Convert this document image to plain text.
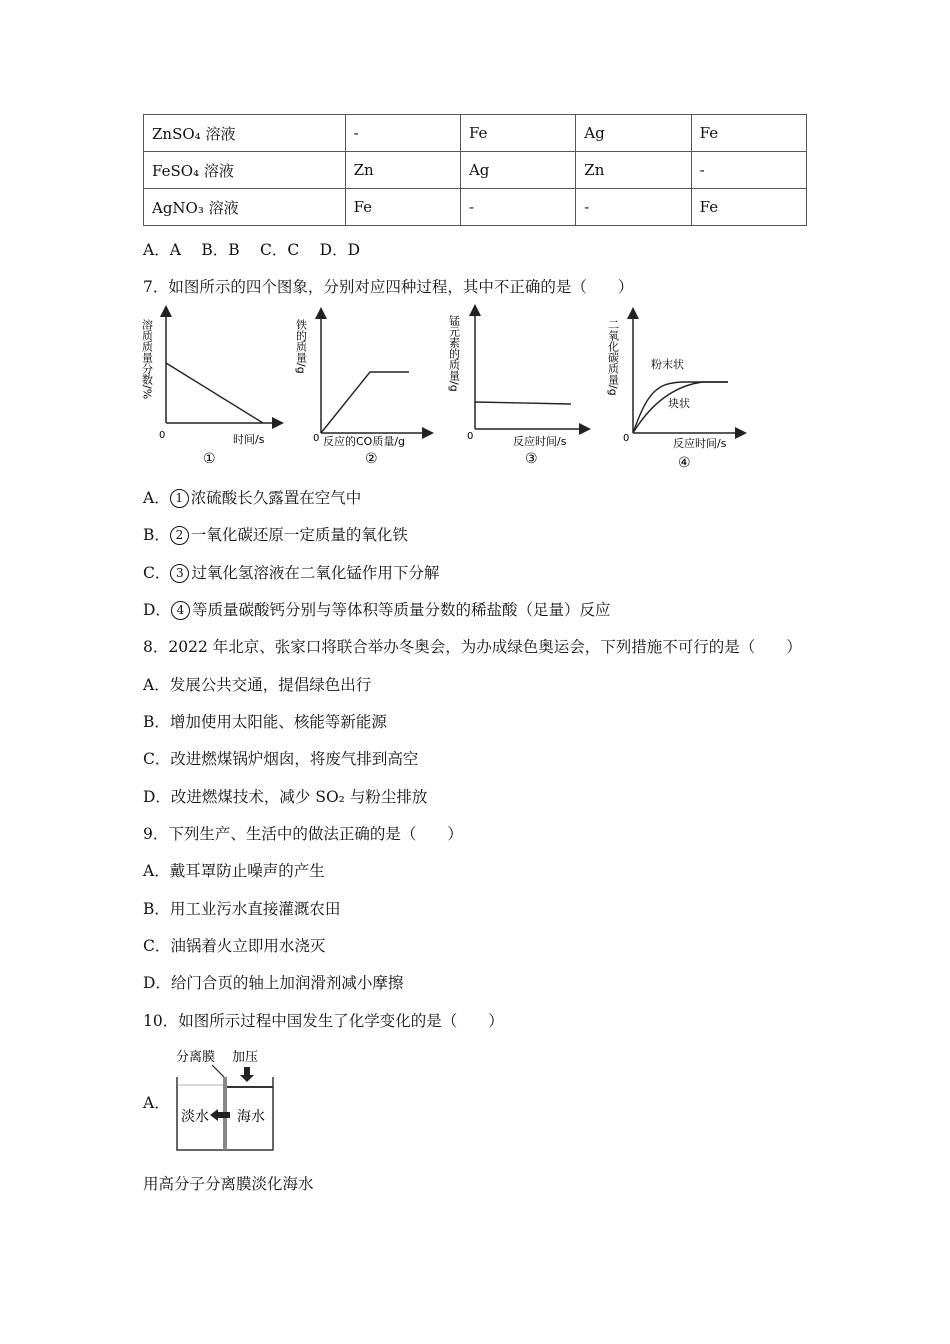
ZnSO₄ 溶液	-	Fe	Ag	Fe
FeSO₄ 溶液	Zn	Ag	Zn	-
AgNO₃ 溶液	Fe	-	-	Fe
A．A　 B．B　 C．C　 D．D
7．如图所示的四个图象，分别对应四种过程，其中不正确的是（　　）
溶质质量分数/%
0	时间/s
①
铁的质量/g
0 反应的CO质量/g
②
锰元素的质量/g
0	反应时间/s
③
二氧化碳质量/g	粉末状
块状
0	反应时间/s
④
A． 1 浓硫酸长久露置在空气中
B． 2 一氧化碳还原一定质量的氧化铁
C． 3 过氧化氢溶液在二氧化锰作用下分解
D． 4 等质量碳酸钙分别与等体积等质量分数的稀盐酸（足量）反应
8．2022 年北京、张家口将联合举办冬奥会，为办成绿色奥运会，下列措施不可行的是（　　）
A．发展公共交通，提倡绿色出行
B．增加使用太阳能、核能等新能源
C．改进燃煤锅炉烟囱，将废气排到高空
D．改进燃煤技术，减少 SO₂ 与粉尘排放
9．下列生产、生活中的做法正确的是（　　）
A．戴耳罩防止噪声的产生
B．用工业污水直接灌溉农田
C．油锅着火立即用水浇灭
D．给门合页的轴上加润滑剂减小摩擦
10．如图所示过程中国发生了化学变化的是（　　）
A．
分离膜 加压
淡水 海水
用高分子分离膜淡化海水
